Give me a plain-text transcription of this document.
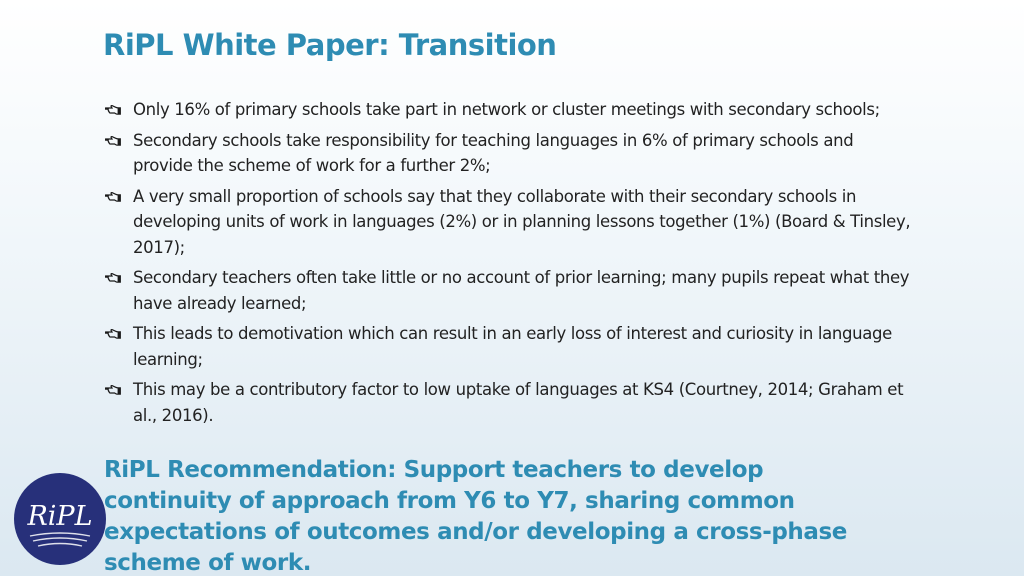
RiPL White Paper: Transition
Only 16% of primary schools take part in network or cluster meetings with secondary schools;
Secondary schools take responsibility for teaching languages in 6% of primary schools and provide the scheme of work for a further 2%;
A very small proportion of schools say that they collaborate with their secondary schools in developing units of work in languages (2%) or in planning lessons together (1%) (Board & Tinsley, 2017);
Secondary teachers often take little or no account of prior learning; many pupils repeat what they have already learned;
This leads to demotivation which can result in an early loss of interest and curiosity in language learning;
This may be a contributory factor to low uptake of languages at KS4 (Courtney, 2014; Graham et al., 2016).

RiPL Recommendation: Support teachers to develop continuity of approach from Y6 to Y7, sharing common expectations of outcomes and/or developing a cross-phase scheme of work.

RiPL
